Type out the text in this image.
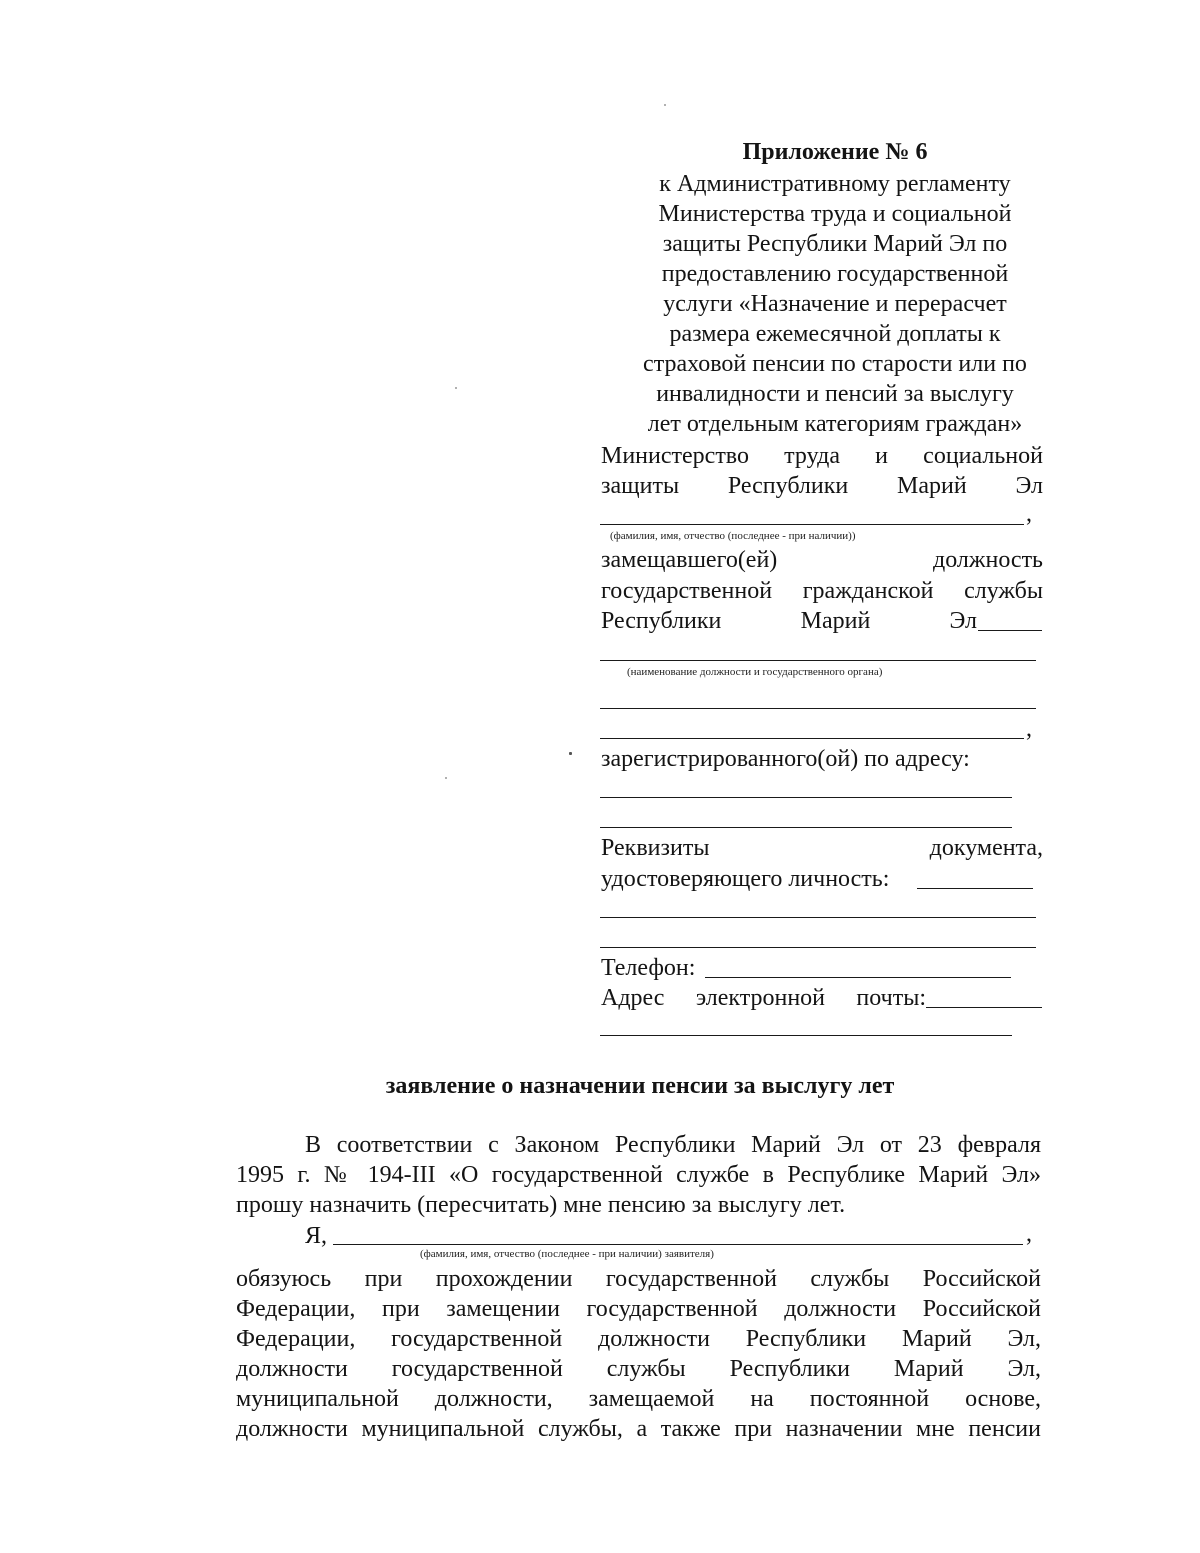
Приложение № 6
к Административному регламенту
Министерства труда и социальной
защиты Республики Марий Эл по
предоставлению государственной
услуги «Назначение и перерасчет
размера ежемесячной доплаты к
страховой пенсии по старости или по
инвалидности и пенсий за выслугу
лет отдельным категориям граждан»
Министерство труда и социальной
защиты Республики Марий Эл
,
(фамилия, имя, отчество (последнее - при наличии))
замещавшего(ей) должность
государственной гражданской службы
Республики Марий Эл
(наименование должности и государственного органа)
,
зарегистрированного(ой) по адресу:
Реквизиты документа,
удостоверяющего личность:
Телефон:
Адрес электронной почты:
заявление о назначении пенсии за выслугу лет
В соответствии с Законом Республики Марий Эл от 23 февраля
1995 г. № 194-III «О государственной службе в Республике Марий Эл»
прошу назначить (пересчитать) мне пенсию за выслугу лет.
Я,	,
(фамилия, имя, отчество (последнее - при наличии) заявителя)
обязуюсь при прохождении государственной службы Российской
Федерации, при замещении государственной должности Российской
Федерации, государственной должности Республики Марий Эл,
должности государственной службы Республики Марий Эл,
муниципальной должности, замещаемой на постоянной основе,
должности муниципальной службы, а также при назначении мне пенсии
